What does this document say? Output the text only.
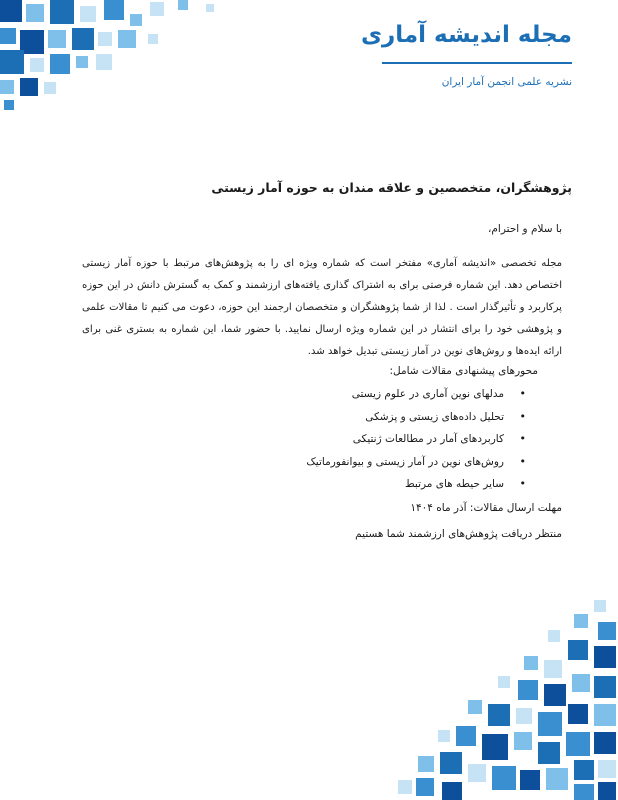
مجله اندیشه آماری
نشریه علمی انجمن آمار ایران

پژوهشگران، متخصصین و علاقه مندان به حوزه آمار زیستی

با سلام و احترام،

مجله تخصصی «اندیشه آماری» مفتخر است که شماره ویژه ای را به پژوهش‌های مرتبط با حوزه آمار زیستی اختصاص دهد. این شماره فرصتی برای به اشتراک گذاری یافته‌های ارزشمند و کمک به گسترش دانش در این حوزه پرکاربرد و تأثیرگذار است . لذا از شما پژوهشگران و متخصصان ارجمند این حوزه، دعوت می کنیم تا مقالات علمی و پژوهشی خود را برای انتشار در این شماره ویژه ارسال نمایید. با حضور شما، این شماره به بستری غنی برای ارائه ایده‌ها و روش‌های نوین در آمار زیستی تبدیل خواهد شد.

محورهای پیشنهادی مقالات شامل:

•
مدلهای نوین آماری در علوم زیستی
•
تحلیل داده‌های زیستی و پزشکی
•
کاربردهای آمار در مطالعات ژنتیکی
•
روش‌های نوین در آمار زیستی و بیوانفورماتیک
•
سایر حیطه های مرتبط

مهلت ارسال مقالات: آذر ماه ۱۴۰۴

منتظر دریافت پژوهش‌های ارزشمند شما هستیم
